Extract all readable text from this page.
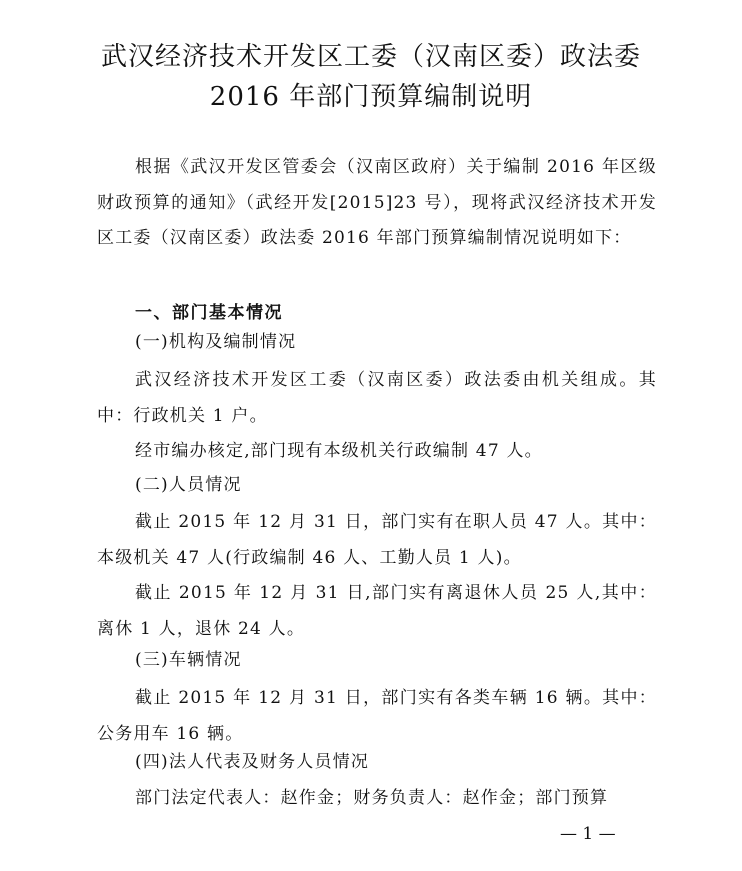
武汉经济技术开发区工委（汉南区委）政法委
2016 年部门预算编制说明
根据《武汉开发区管委会（汉南区政府）关于编制 2016 年区级财政预算的通知》（武经开发[2015]23 号），现将武汉经济技术开发区工委（汉南区委）政法委 2016 年部门预算编制情况说明如下：
一、部门基本情况
(一)机构及编制情况
武汉经济技术开发区工委（汉南区委）政法委由机关组成。其中：行政机关 1 户。
经市编办核定,部门现有本级机关行政编制 47 人。
(二)人员情况
截止 2015 年 12 月 31 日，部门实有在职人员 47 人。其中：本级机关 47 人(行政编制 46 人、工勤人员 1 人)。
截止 2015 年 12 月 31 日,部门实有离退休人员 25 人,其中：离休 1 人，退休 24 人。
(三)车辆情况
截止 2015 年 12 月 31 日，部门实有各类车辆 16 辆。其中：公务用车 16 辆。
(四)法人代表及财务人员情况
部门法定代表人：赵作金；财务负责人：赵作金；部门预算
— 1 —
